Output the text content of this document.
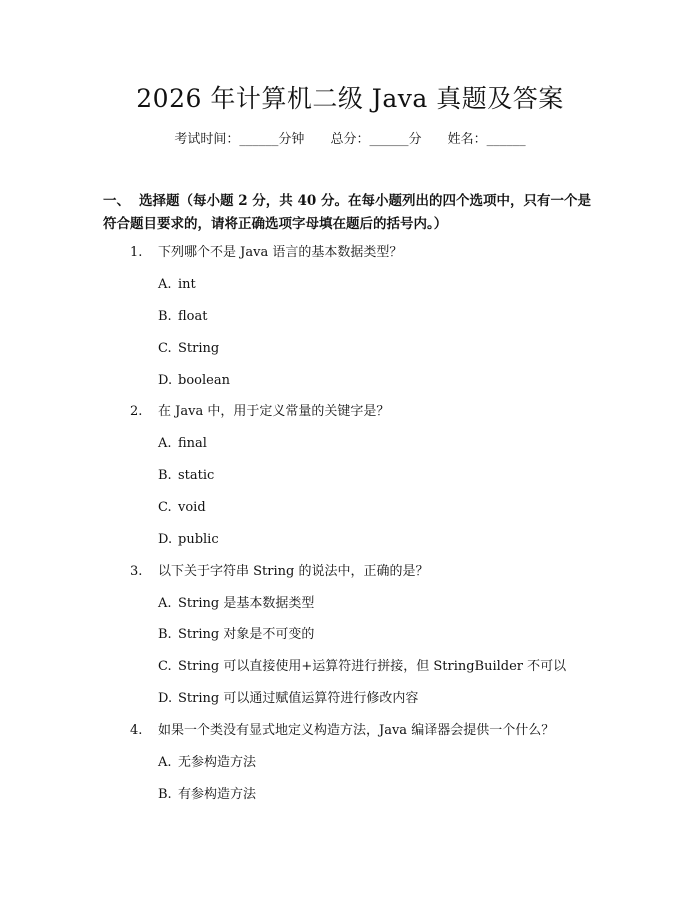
2026 年计算机二级 Java 真题及答案
考试时间：______分钟 总分：______分 姓名：______
一、 选择题（每小题 2 分，共 40 分。在每小题列出的四个选项中，只有一个是
符合题目要求的，请将正确选项字母填在题后的括号内。）
1. 下列哪个不是 Java 语言的基本数据类型？
A. int
B. float
C. String
D. boolean
2. 在 Java 中，用于定义常量的关键字是？
A. final
B. static
C. void
D. public
3. 以下关于字符串 String 的说法中，正确的是？
A. String 是基本数据类型
B. String 对象是不可变的
C. String 可以直接使用+运算符进行拼接，但 StringBuilder 不可以
D. String 可以通过赋值运算符进行修改内容
4. 如果一个类没有显式地定义构造方法，Java 编译器会提供一个什么？
A. 无参构造方法
B. 有参构造方法
